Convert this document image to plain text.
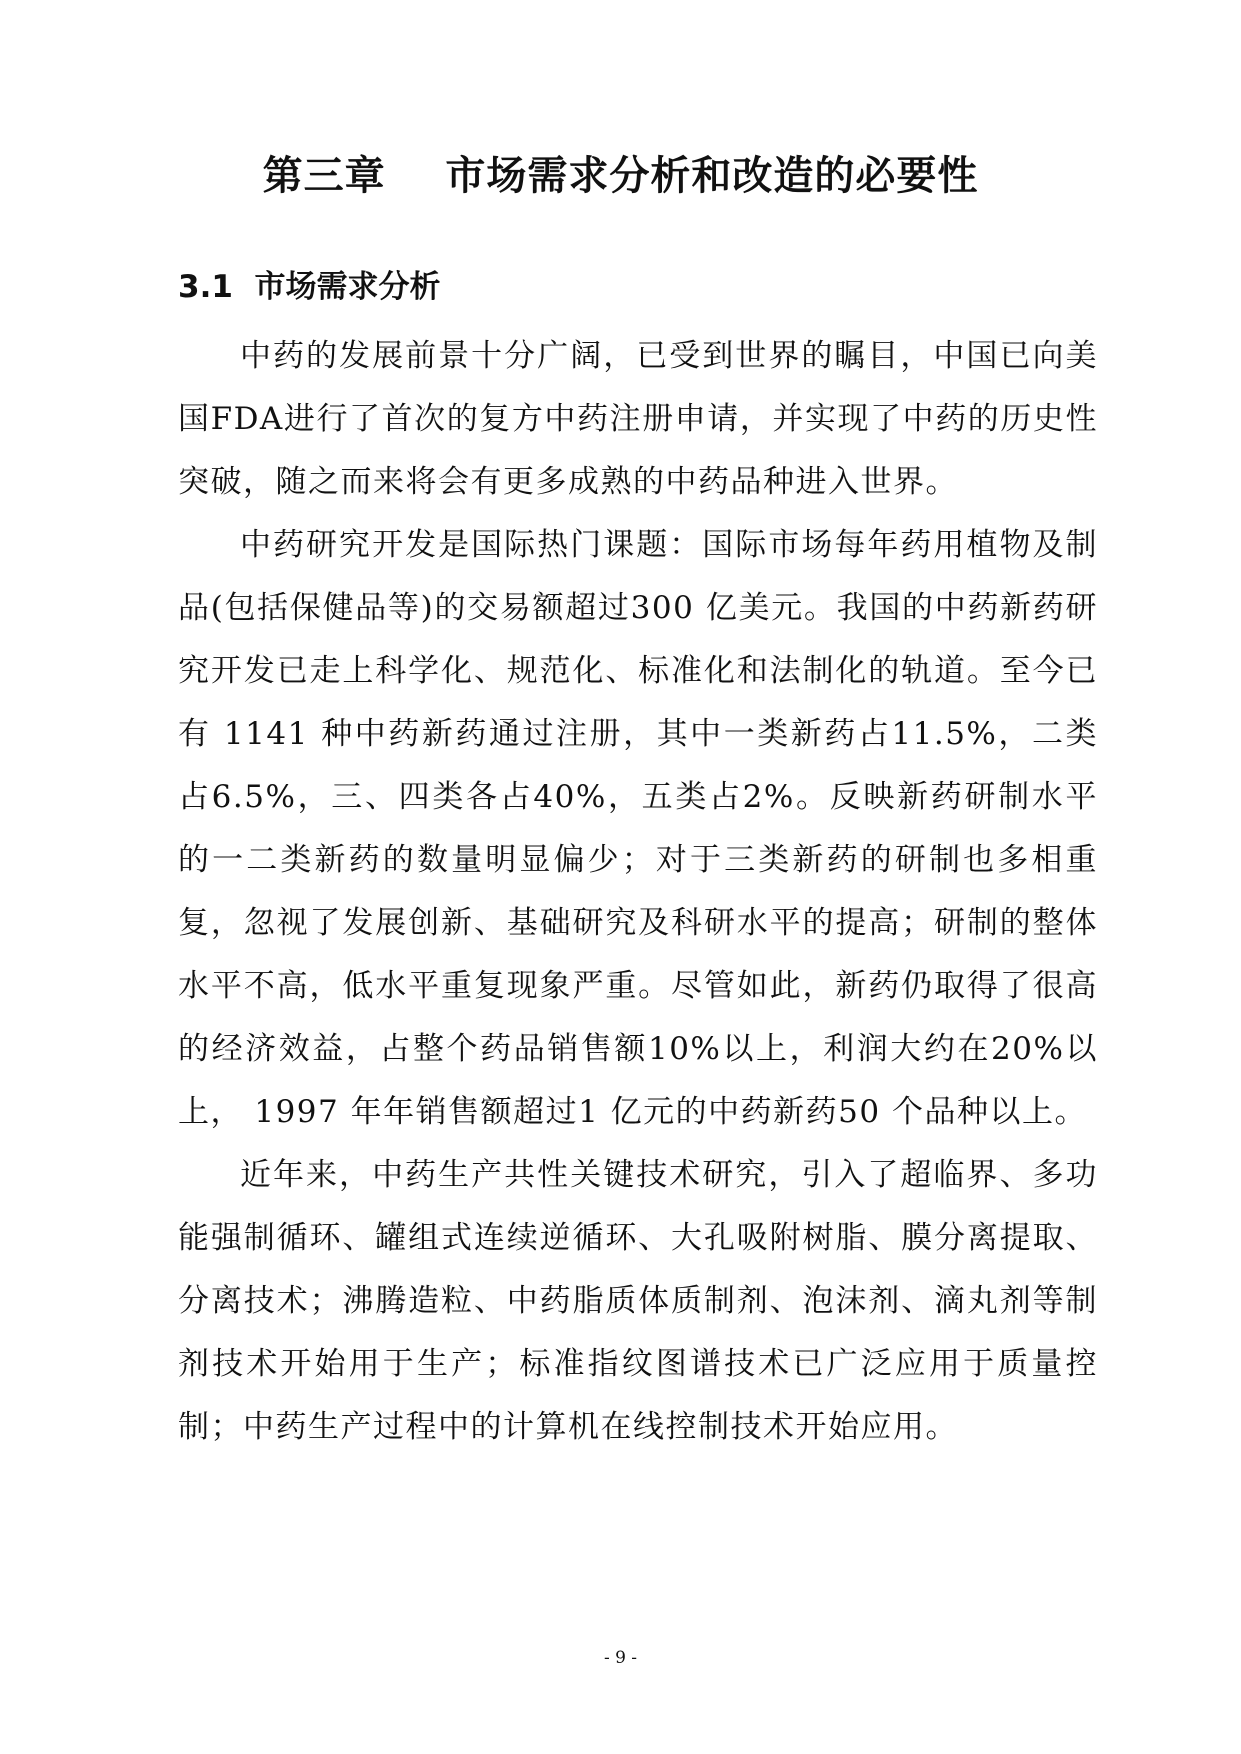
第三章    市场需求分析和改造的必要性
3.1  市场需求分析

中药的发展前景十分广阔，已受到世界的瞩目，中国已向美国FDA进行了首次的复方中药注册申请，并实现了中药的历史性突破，随之而来将会有更多成熟的中药品种进入世界。

中药研究开发是国际热门课题：国际市场每年药用植物及制品(包括保健品等)的交易额超过300 亿美元。我国的中药新药研究开发已走上科学化、规范化、标准化和法制化的轨道。至今已有 1141 种中药新药通过注册，其中一类新药占11.5%，二类占6.5%，三、四类各占40%，五类占2%。反映新药研制水平的一二类新药的数量明显偏少；对于三类新药的研制也多相重复，忽视了发展创新、基础研究及科研水平的提高；研制的整体水平不高，低水平重复现象严重。尽管如此，新药仍取得了很高的经济效益，占整个药品销售额10%以上，利润大约在20%以上， 1997 年年销售额超过1 亿元的中药新药50 个品种以上。

近年来，中药生产共性关键技术研究，引入了超临界、多功能强制循环、罐组式连续逆循环、大孔吸附树脂、膜分离提取、分离技术；沸腾造粒、中药脂质体质制剂、泡沫剂、滴丸剂等制剂技术开始用于生产；标准指纹图谱技术已广泛应用于质量控制；中药生产过程中的计算机在线控制技术开始应用。

- 9 -
